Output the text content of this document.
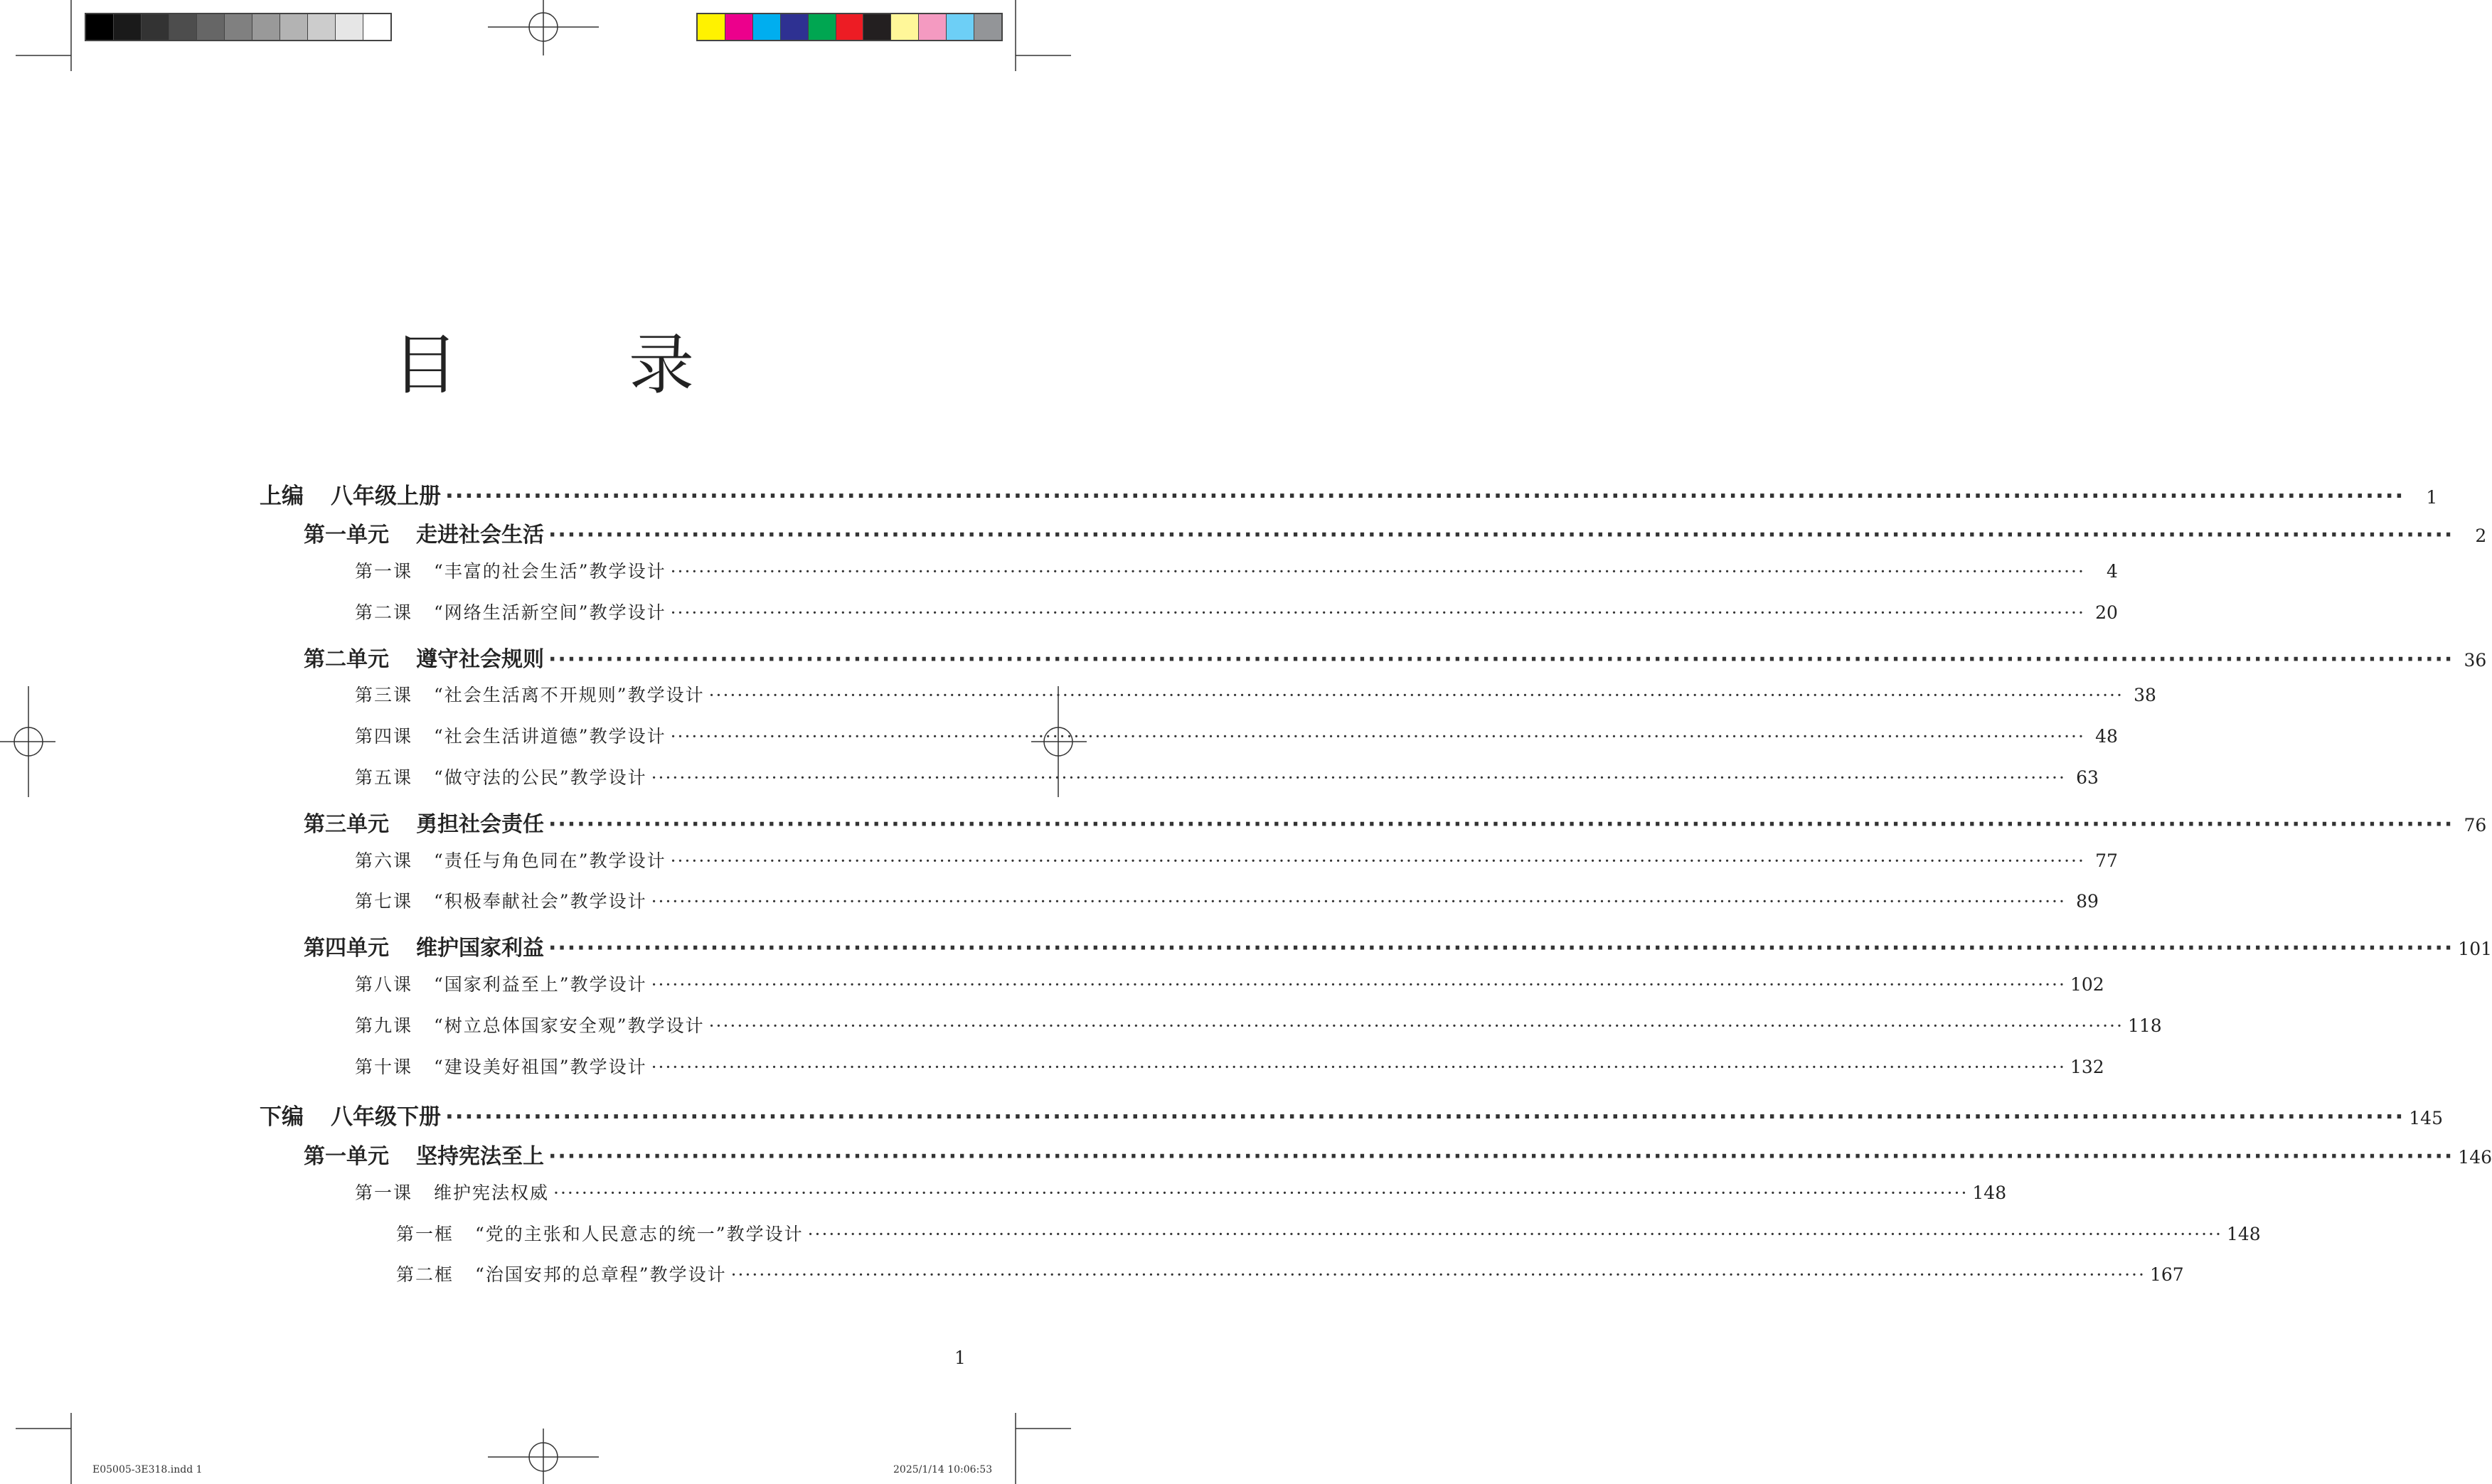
目　录
上编 八年级上册 ········································································································································································································	1
第一单元 走进社会生活 ········································································································································································································	2
第一课 “丰富的社会生活”教学设计 ········································································································································································································	4
第二课 “网络生活新空间”教学设计 ········································································································································································································ 20
第二单元 遵守社会规则 ········································································································································································································ 36
第三课 “社会生活离不开规则”教学设计 ········································································································································································································ 38
第四课 “社会生活讲道德”教学设计 ········································································································································································································ 48
第五课 “做守法的公民”教学设计 ········································································································································································································ 63
第三单元 勇担社会责任 ········································································································································································································ 76
第六课 “责任与角色同在”教学设计 ········································································································································································································ 77
第七课 “积极奉献社会”教学设计 ········································································································································································································ 89
第四单元 维护国家利益 ········································································································································································································ 101
第八课 “国家利益至上”教学设计 ········································································································································································································ 102
第九课 “树立总体国家安全观”教学设计 ········································································································································································································ 118
第十课 “建设美好祖国”教学设计 ········································································································································································································ 132
下编 八年级下册 ········································································································································································································ 145
第一单元 坚持宪法至上 ········································································································································································································ 146
第一课 维护宪法权威 ········································································································································································································ 148
第一框 “党的主张和人民意志的统一”教学设计 ········································································································································································································ 148
第二框 “治国安邦的总章程”教学设计 ········································································································································································································ 167
1
E05005-3E318.indd 1	2025/1/14 10:06:53
